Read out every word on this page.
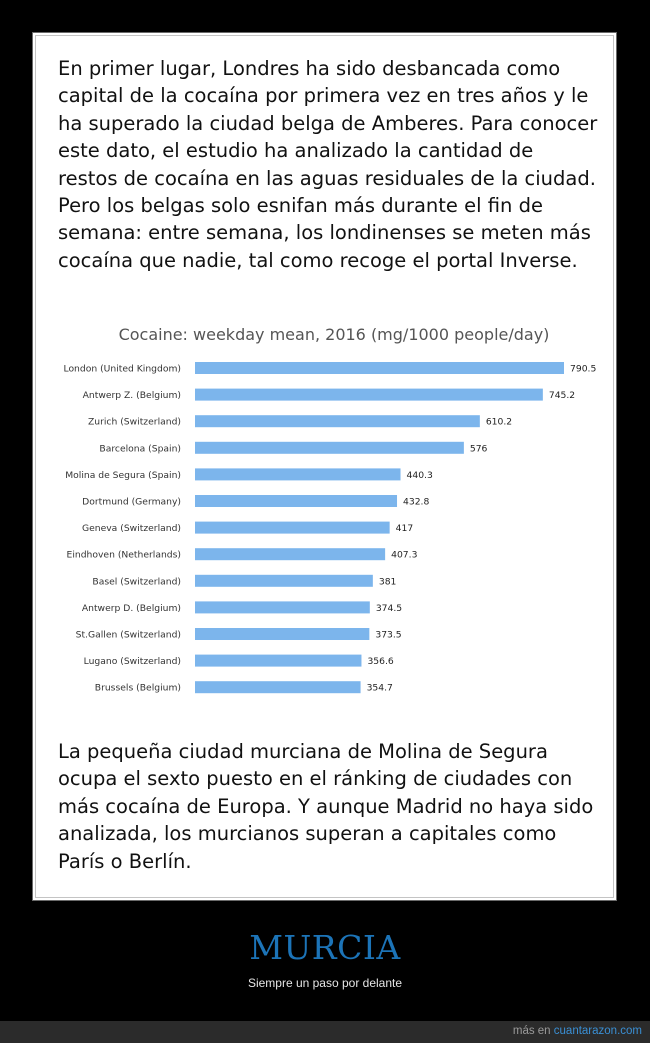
En primer lugar, Londres ha sido desbancada como capital de la cocaína por primera vez en tres años y le ha superado la ciudad belga de Amberes. Para conocer este dato, el estudio ha analizado la cantidad de restos de cocaína en las aguas residuales de la ciudad. Pero los belgas solo esnifan más durante el fin de semana: entre semana, los londinenses se meten más cocaína que nadie, tal como recoge el portal Inverse.

Cocaine: weekday mean, 2016 (mg/1000 people/day)
London (United Kingdom)	790.5
Antwerp Z. (Belgium)	745.2
Zurich (Switzerland)	610.2
Barcelona (Spain)	576
Molina de Segura (Spain)	440.3
Dortmund (Germany)	432.8
Geneva (Switzerland)	417
Eindhoven (Netherlands)	407.3
Basel (Switzerland)	381
Antwerp D. (Belgium)	374.5
St.Gallen (Switzerland)	373.5
Lugano (Switzerland)	356.6
Brussels (Belgium)	354.7

La pequeña ciudad murciana de Molina de Segura ocupa el sexto puesto en el ránking de ciudades con más cocaína de Europa. Y aunque Madrid no haya sido analizada, los murcianos superan a capitales como París o Berlín.

MURCIA
Siempre un paso por delante
más en cuantarazon.com
